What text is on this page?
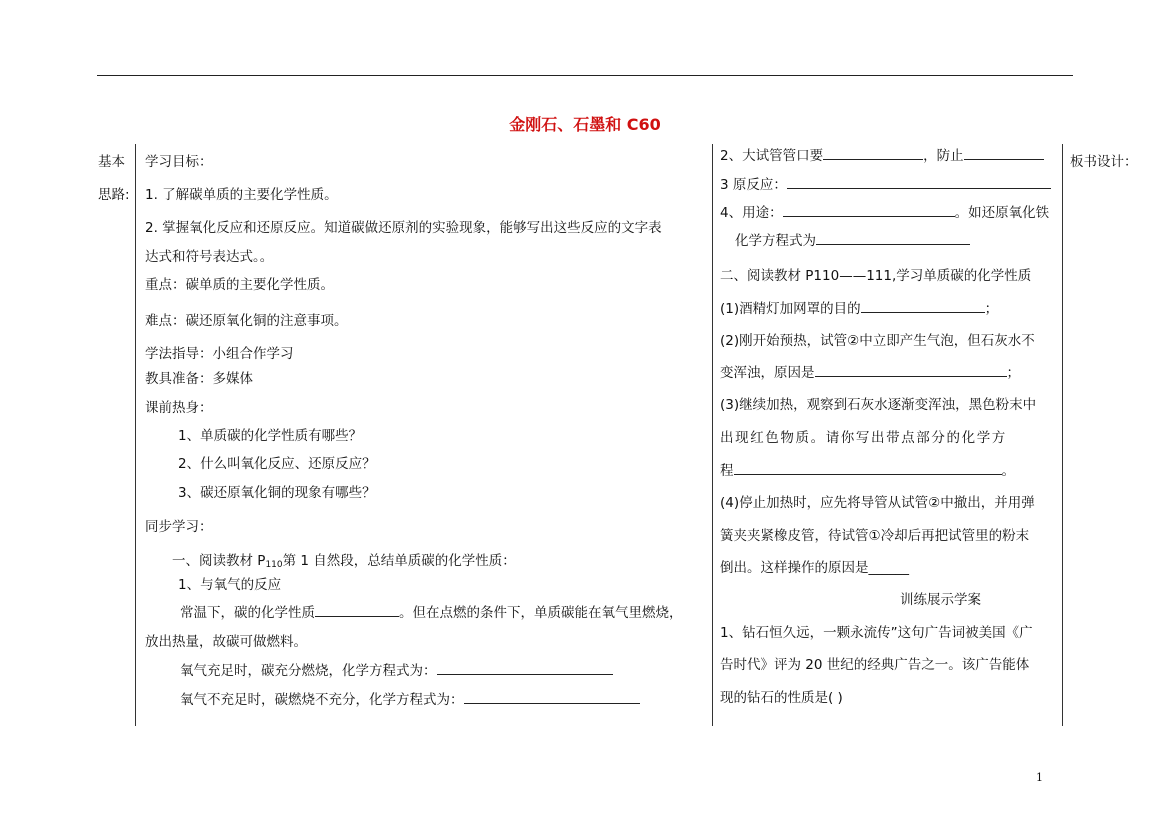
金刚石、石墨和 C60
基本
思路:
学习目标：
1. 了解碳单质的主要化学性质。
2. 掌握氧化反应和还原反应。知道碳做还原剂的实验现象，能够写出这些反应的文字表
达式和符号表达式。。
重点：碳单质的主要化学性质。
难点：碳还原氧化铜的注意事项。
学法指导：小组合作学习
教具准备：多媒体
课前热身：
1、单质碳的化学性质有哪些？
2、什么叫氧化反应、还原反应？
3、碳还原氧化铜的现象有哪些？
同步学习：
一、阅读教材 $P_{110}$第 1 自然段，总结单质碳的化学性质：
1、与氧气的反应
常温下，碳的化学性质	。但在点燃的条件下，单质碳能在氧气里燃烧，
放出热量，故碳可做燃料。
氧气充足时，碳充分燃烧，化学方程式为：
氧气不充足时，碳燃烧不充分，化学方程式为：
2、大试管管口要	，防止
3 原反应：
4、用途：	。如还原氧化铁
化学方程式为
二、阅读教材 P110——111,学习单质碳的化学性质
(1)酒精灯加网罩的目的	；
(2)刚开始预热，试管②中立即产生气泡，但石灰水不
变浑浊，原因是	；
(3)继续加热，观察到石灰水逐渐变浑浊，黑色粉末中
出现红色物质。请你写出带点部分的化学方
程	。
(4)停止加热时，应先将导管从试管②中撤出，并用弹
簧夹夹紧橡皮管，待试管①冷却后再把试管里的粉末
倒出。这样操作的原因是______
训练展示学案
1、钻石恒久远，一颗永流传”这句广告词被美国《广
告时代》评为 20 世纪的经典广告之一。该广告能体
现的钻石的性质是( )
板书设计：
1
